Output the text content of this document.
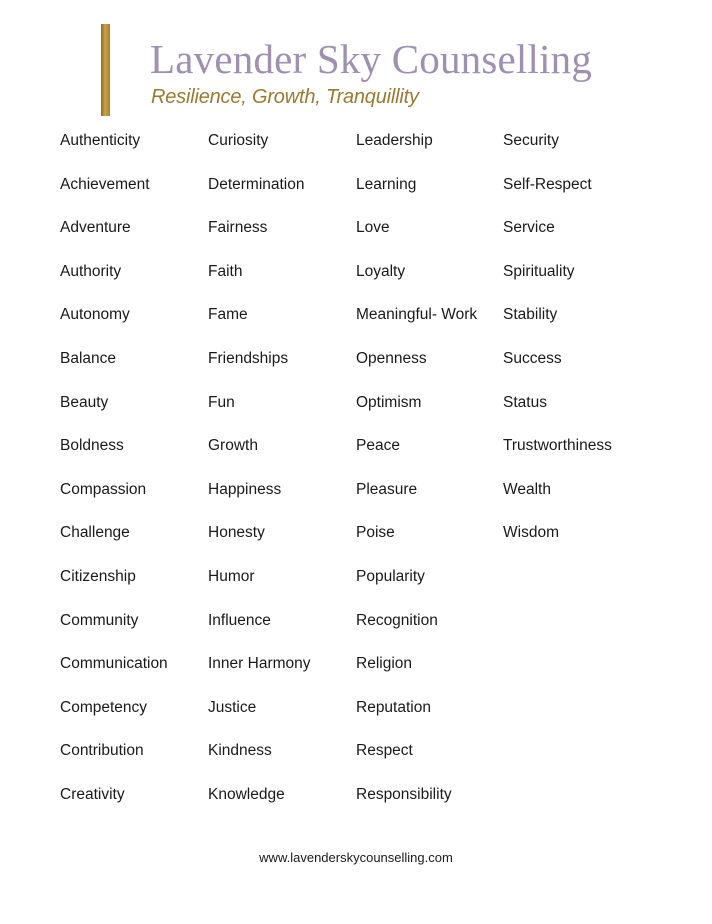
Lavender Sky Counselling
Resilience, Growth, Tranquillity
Authenticity
Achievement
Adventure
Authority
Autonomy
Balance
Beauty
Boldness
Compassion
Challenge
Citizenship
Community
Communication
Competency
Contribution
Creativity
Curiosity
Determination
Fairness
Faith
Fame
Friendships
Fun
Growth
Happiness
Honesty
Humor
Influence
Inner Harmony
Justice
Kindness
Knowledge
Leadership
Learning
Love
Loyalty
Meaningful- Work
Openness
Optimism
Peace
Pleasure
Poise
Popularity
Recognition
Religion
Reputation
Respect
Responsibility
Security
Self-Respect
Service
Spirituality
Stability
Success
Status
Trustworthiness
Wealth
Wisdom
www.lavenderskycounselling.com
